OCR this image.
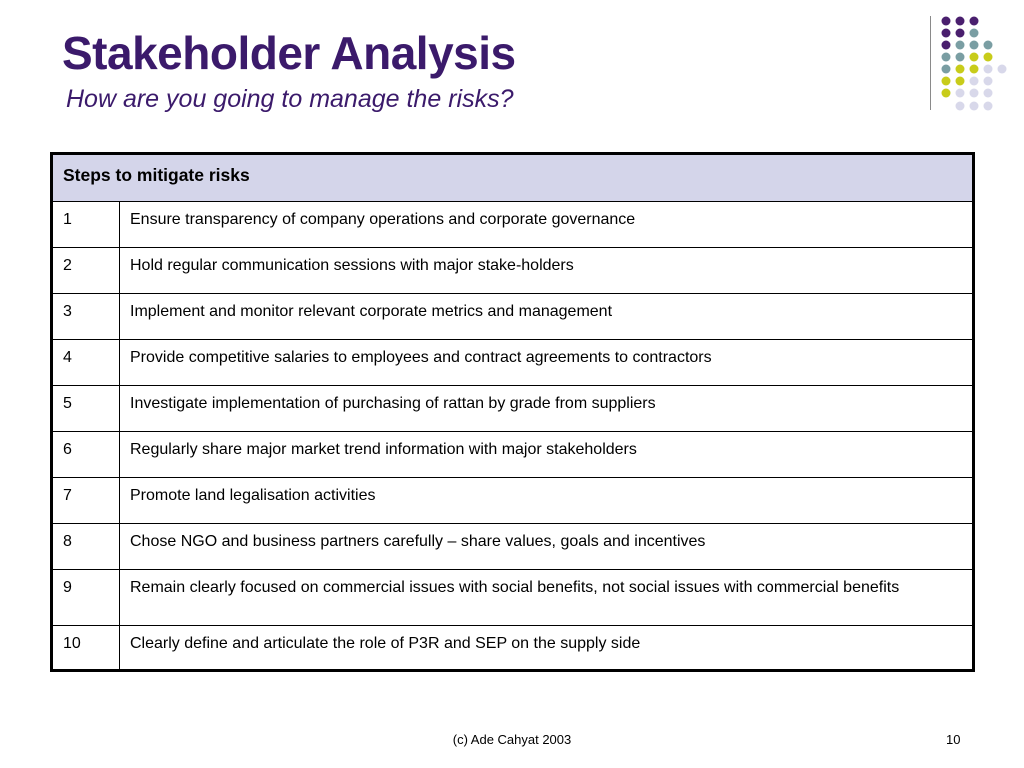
Stakeholder Analysis
How are you going to manage the risks?
Steps to mitigate risks	
1	Ensure transparency of company operations and corporate governance
2	Hold regular communication sessions with major stake-holders
3	Implement and monitor relevant corporate metrics and management
4	Provide competitive salaries to employees and contract agreements to contractors
5	Investigate implementation of purchasing of rattan by grade from suppliers
6	Regularly share major market trend information with major stakeholders
7	Promote land legalisation activities
8	Chose NGO and business partners carefully – share values, goals and incentives
9	Remain clearly focused on commercial issues with social benefits, not social issues with commercial benefits
10	Clearly define and articulate the role of P3R and SEP on the supply side
(c) Ade Cahyat 2003	10
